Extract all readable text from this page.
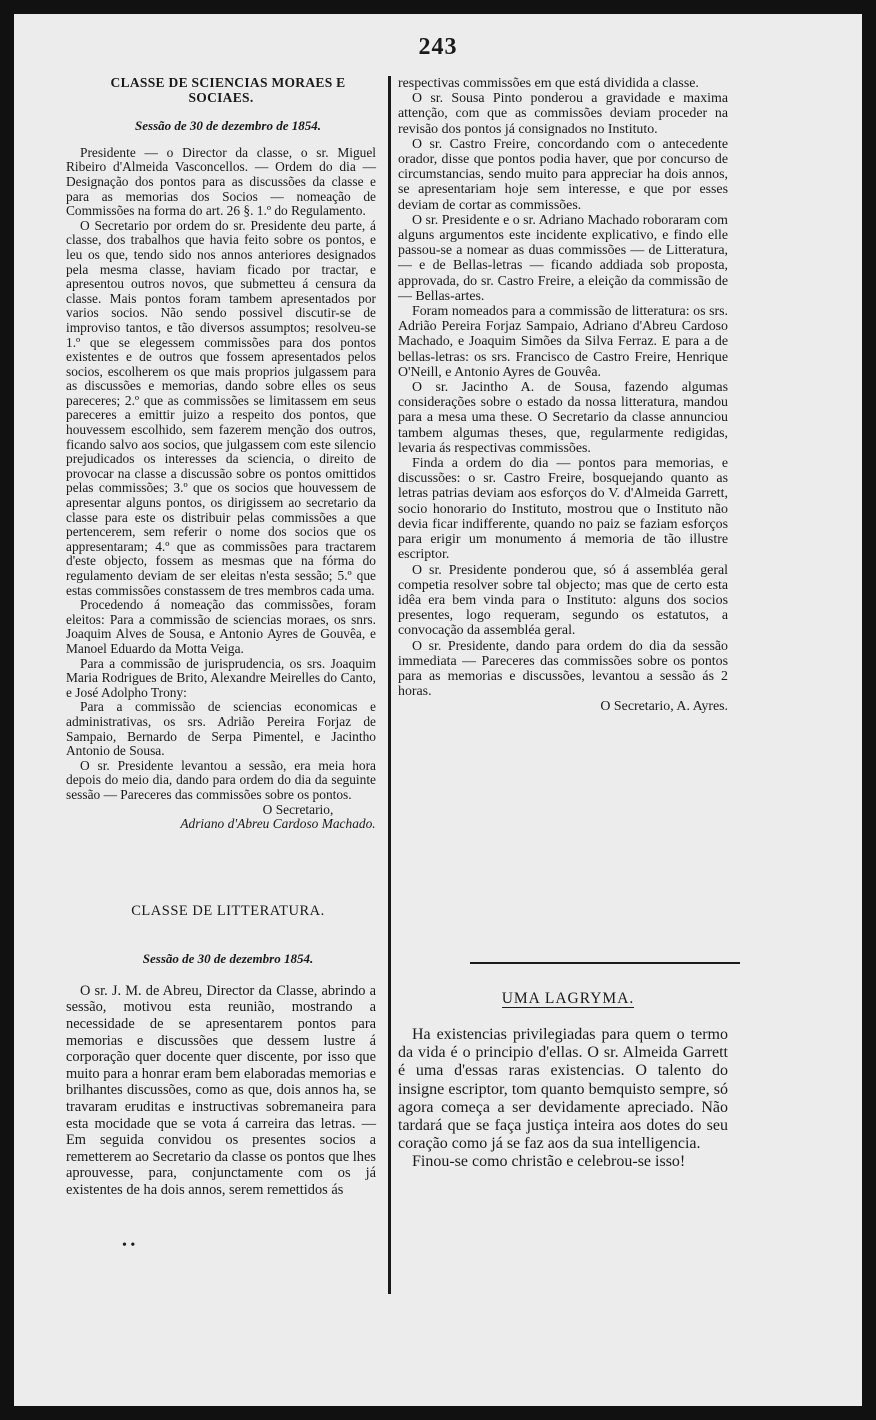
243

CLASSE DE SCIENCIAS MORAES E SOCIAES.

Sessão de 30 de dezembro de 1854.

Presidente — o Director da classe, o sr. Miguel Ribeiro d'Almeida Vasconcellos. — Ordem do dia — Designação dos pontos para as discussões da classe e para as memorias dos Socios — nomeação de Commissões na forma do art. 26 §. 1.º do Regulamento.

O Secretario por ordem do sr. Presidente deu parte, á classe, dos trabalhos que havia feito sobre os pontos, e leu os que, tendo sido nos annos anteriores designados pela mesma classe, haviam ficado por tractar, e apresentou outros novos, que submetteu á censura da classe. Mais pontos foram tambem apresentados por varios socios. Não sendo possivel discutir-se de improviso tantos, e tão diversos assumptos; resolveu-se 1.º que se elegessem commissões para dos pontos existentes e de outros que fossem apresentados pelos socios, escolherem os que mais proprios julgassem para as discussões e memorias, dando sobre elles os seus pareceres; 2.º que as commissões se limitassem em seus pareceres a emittir juizo a respeito dos pontos, que houvessem escolhido, sem fazerem menção dos outros, ficando salvo aos socios, que julgassem com este silencio prejudicados os interesses da sciencia, o direito de provocar na classe a discussão sobre os pontos omittidos pelas commissões; 3.º que os socios que houvessem de apresentar alguns pontos, os dirigissem ao secretario da classe para este os distribuir pelas commissões a que pertencerem, sem referir o nome dos socios que os appresentaram; 4.º que as commissões para tractarem d'este objecto, fossem as mesmas que na fórma do regulamento deviam de ser eleitas n'esta sessão; 5.º que estas commissões constassem de tres membros cada uma.

Procedendo á nomeação das commissões, foram eleitos: Para a commissão de sciencias moraes, os snrs. Joaquim Alves de Sousa, e Antonio Ayres de Gouvêa, e Manoel Eduardo da Motta Veiga.

Para a commissão de jurisprudencia, os srs. Joaquim Maria Rodrigues de Brito, Alexandre Meirelles do Canto, e José Adolpho Trony:

Para a commissão de sciencias economicas e administrativas, os srs. Adrião Pereira Forjaz de Sampaio, Bernardo de Serpa Pimentel, e Jacintho Antonio de Sousa.

O sr. Presidente levantou a sessão, era meia hora depois do meio dia, dando para ordem do dia da seguinte sessão — Pareceres das commissões sobre os pontos.

O Secretario,

Adriano d'Abreu Cardoso Machado.

CLASSE DE LITTERATURA.

Sessão de 30 de dezembro 1854.

O sr. J. M. de Abreu, Director da Classe, abrindo a sessão, motivou esta reunião, mostrando a necessidade de se apresentarem pontos para memorias e discussões que dessem lustre á corporação quer docente quer discente, por isso que muito para a honrar eram bem elaboradas memorias e brilhantes discussões, como as que, dois annos ha, se travaram eruditas e instructivas sobremaneira para esta mocidade que se vota á carreira das letras. — Em seguida convidou os presentes socios a remetterem ao Secretario da classe os pontos que lhes aprouvesse, para, conjunctamente com os já existentes de ha dois annos, serem remettidos ás

respectivas commissões em que está dividida a classe.

O sr. Sousa Pinto ponderou a gravidade e maxima attenção, com que as commissões deviam proceder na revisão dos pontos já consignados no Instituto.

O sr. Castro Freire, concordando com o antecedente orador, disse que pontos podia haver, que por concurso de circumstancias, sendo muito para appreciar ha dois annos, se apresentariam hoje sem interesse, e que por esses deviam de cortar as commissões.

O sr. Presidente e o sr. Adriano Machado roboraram com alguns argumentos este incidente explicativo, e findo elle passou-se a nomear as duas commissões — de Litteratura, — e de Bellas-letras — ficando addiada sob proposta, approvada, do sr. Castro Freire, a eleição da commissão de — Bellas-artes.

Foram nomeados para a commissão de litteratura: os srs. Adrião Pereira Forjaz Sampaio, Adriano d'Abreu Cardoso Machado, e Joaquim Simões da Silva Ferraz. E para a de bellas-letras: os srs. Francisco de Castro Freire, Henrique O'Neill, e Antonio Ayres de Gouvêa.

O sr. Jacintho A. de Sousa, fazendo algumas considerações sobre o estado da nossa litteratura, mandou para a mesa uma these. O Secretario da classe annunciou tambem algumas theses, que, regularmente redigidas, levaria ás respectivas commissões.

Finda a ordem do dia — pontos para memorias, e discussões: o sr. Castro Freire, bosquejando quanto as letras patrias deviam aos esforços do V. d'Almeida Garrett, socio honorario do Instituto, mostrou que o Instituto não devia ficar indifferente, quando no paiz se faziam esforços para erigir um monumento á memoria de tão illustre escriptor.

O sr. Presidente ponderou que, só á assembléa geral competia resolver sobre tal objecto; mas que de certo esta idêa era bem vinda para o Instituto: alguns dos socios presentes, logo requeram, segundo os estatutos, a convocação da assembléa geral.

O sr. Presidente, dando para ordem do dia da sessão immediata — Pareceres das commissões sobre os pontos para as memorias e discussões, levantou a sessão ás 2 horas.

O Secretario, A. Ayres.

UMA LAGRYMA.

Ha existencias privilegiadas para quem o termo da vida é o principio d'ellas. O sr. Almeida Garrett é uma d'essas raras existencias. O talento do insigne escriptor, tom quanto bemquisto sempre, só agora começa a ser devidamente apreciado. Não tardará que se faça justiça inteira aos dotes do seu coração como já se faz aos da sua intelligencia.

Finou-se como christão e celebrou-se isso!

• •
